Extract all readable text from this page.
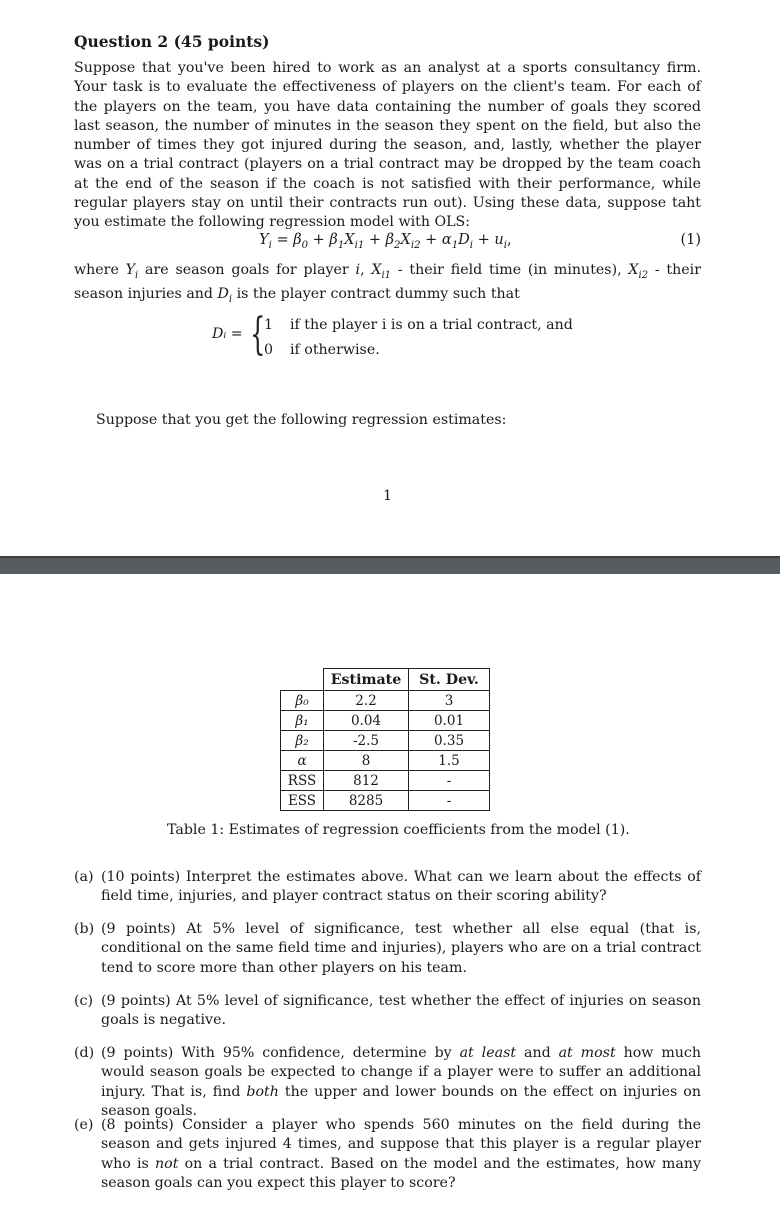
Question 2 (45 points)
Suppose that you've been hired to work as an analyst at a sports consultancy firm. Your task is to evaluate the effectiveness of players on the client's team. For each of the players on the team, you have data containing the number of goals they scored last season, the number of minutes in the season they spent on the field, but also the number of times they got injured during the season, and, lastly, whether the player was on a trial contract (players on a trial contract may be dropped by the team coach at the end of the season if the coach is not satisfied with their performance, while regular players stay on until their contracts run out). Using these data, suppose taht you estimate the following regression model with OLS:
$Y_i = \beta_0 + \beta_1X_{i1} + \beta_2X_{i2} + \alpha_1D_i + u_i$,	(1)
where $Y_i$ are season goals for player i, $X_{i1}$ - their field time (in minutes), $X_{i2}$ - their season injuries and $D_i$ is the player contract dummy such that
Dᵢ = {
1 if the player i is on a trial contract, and
0 if otherwise.
Suppose that you get the following regression estimates:
1
	Estimate	St. Dev.
β₀	2.2	3
β₁	0.04	0.01
β₂	-2.5	0.35
α	8	1.5
RSS	812	-
ESS	8285	-
Table 1: Estimates of regression coefficients from the model (1).
(a) (10 points) Interpret the estimates above. What can we learn about the effects of field time, injuries, and player contract status on their scoring ability?
(b) (9 points) At 5% level of significance, test whether all else equal (that is, conditional on the same field time and injuries), players who are on a trial contract tend to score more than other players on his team.
(c) (9 points) At 5% level of significance, test whether the effect of injuries on season goals is negative.
(d) (9 points) With 95% confidence, determine by at least and at most how much would season goals be expected to change if a player were to suffer an additional injury. That is, find both the upper and lower bounds on the effect on injuries on season goals.
(e) (8 points) Consider a player who spends 560 minutes on the field during the season and gets injured 4 times, and suppose that this player is a regular player who is not on a trial contract. Based on the model and the estimates, how many season goals can you expect this player to score?
